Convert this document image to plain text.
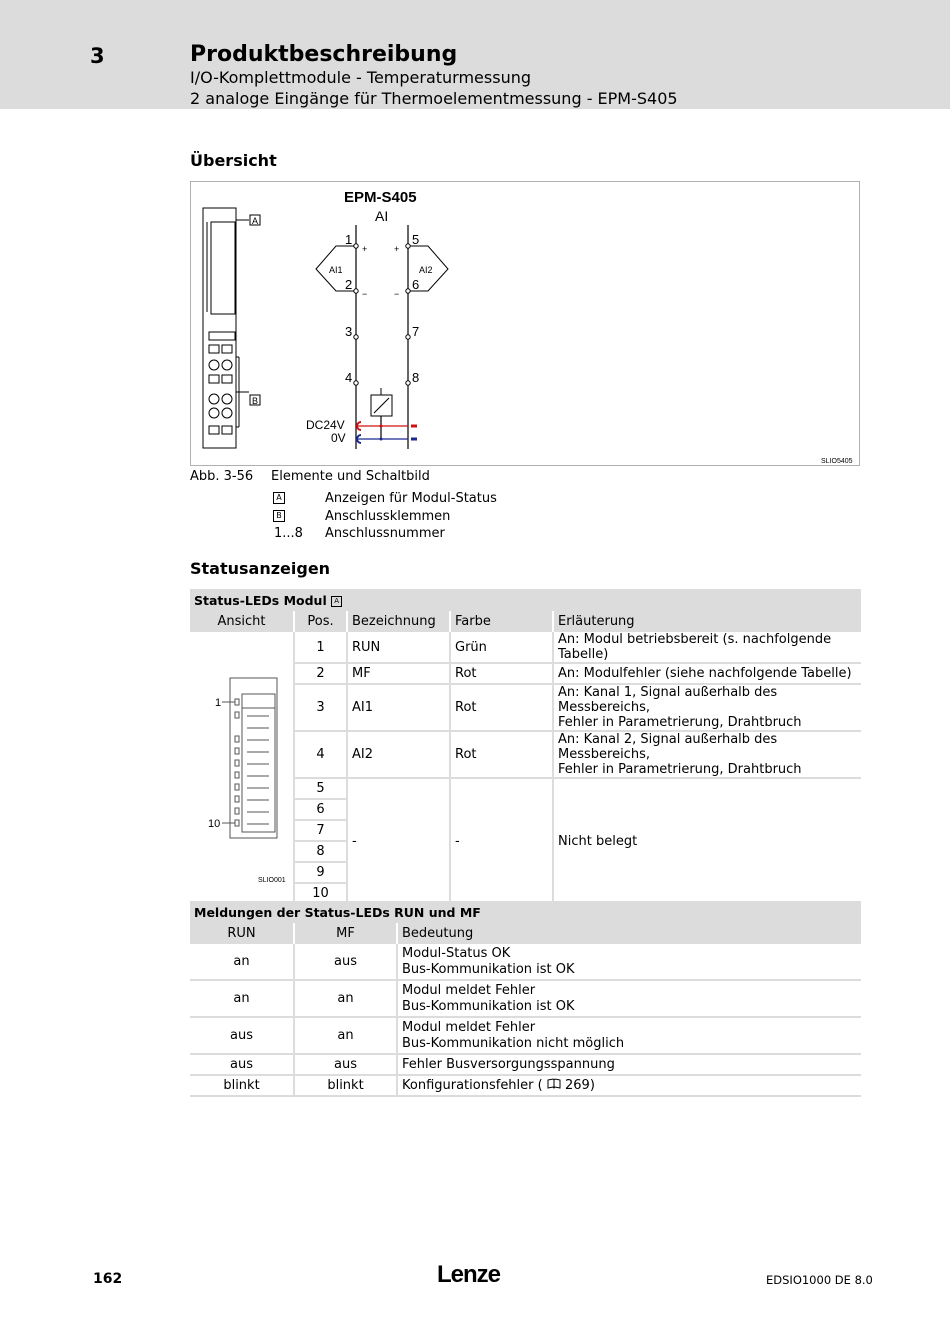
3	Produktbeschreibung
I/O-Komplettmodule - Temperaturmessung
2 analoge Eingänge für Thermoelementmessung - EPM-S405
Übersicht
A
B
EPM-S405
AI
1
2
3
4
5
6
7
8
+	+
−	−
AI1	AI2
DC24V
0V
SLIO5405
Abb. 3-56 Elemente und Schaltbild
A	Anzeigen für Modul-Status
B	Anschlussklemmen
1...8 Anschlussnummer
Statusanzeigen
Status-LEDs Modul A				
Ansicht	Pos.	Bezeichnung	Farbe	Erläuterung

1
10
SLIO001	1	RUN	Grün	An: Modul betriebsbereit (s. nachfolgende Tabelle)
	2	MF	Rot	An: Modulfehler (siehe nachfolgende Tabelle)
	3	AI1	Rot	An: Kanal 1, Signal außerhalb des Messbereichs,
Fehler in Parametrierung, Drahtbruch

	4	AI2	Rot	An: Kanal 2, Signal außerhalb des Messbereichs,
Fehler in Parametrierung, Drahtbruch

	5	-	-	Nicht belegt
	6			
	7			
	8			
	9			
	10			
Meldungen der Status-LEDs RUN und MF		
RUN	MF	Bedeutung
an	aus	Modul-Status OK
Bus-Kommunikation ist OK

an	an	Modul meldet Fehler
Bus-Kommunikation ist OK

aus	an	Modul meldet Fehler
Bus-Kommunikation nicht möglich

aus	aus	Fehler Busversorgungsspannung
blinkt	blinkt	Konfigurationsfehler (  269)
162	Lenze	EDSIO1000 DE 8.0
